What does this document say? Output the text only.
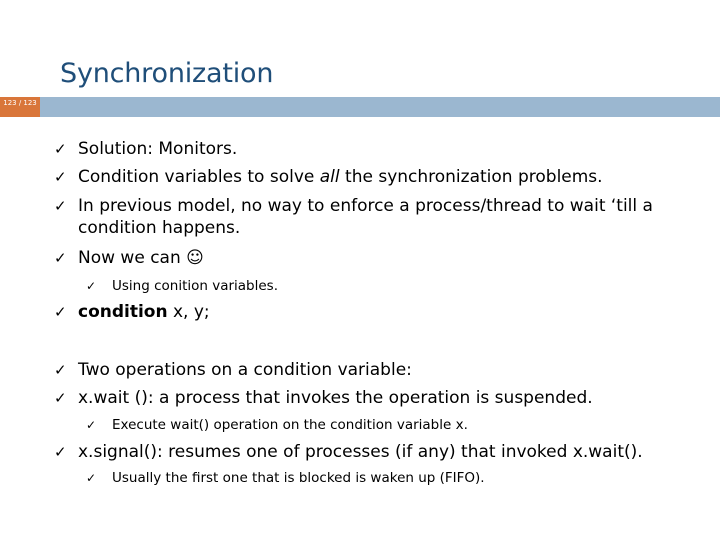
Synchronization
123 / 123
✓ Solution: Monitors.
✓ Condition variables to solve all the synchronization problems.
✓ In previous model, no way to enforce a process/thread to wait ‘till a condition happens.
✓ Now we can ☺
✓ Using conition variables.
✓ condition x, y;
✓ Two operations on a condition variable:
✓ x.wait (): a process that invokes the operation is suspended.
✓ Execute wait() operation on the condition variable x.
✓ x.signal(): resumes one of processes (if any) that invoked x.wait().
✓ Usually the first one that is blocked is waken up (FIFO).
